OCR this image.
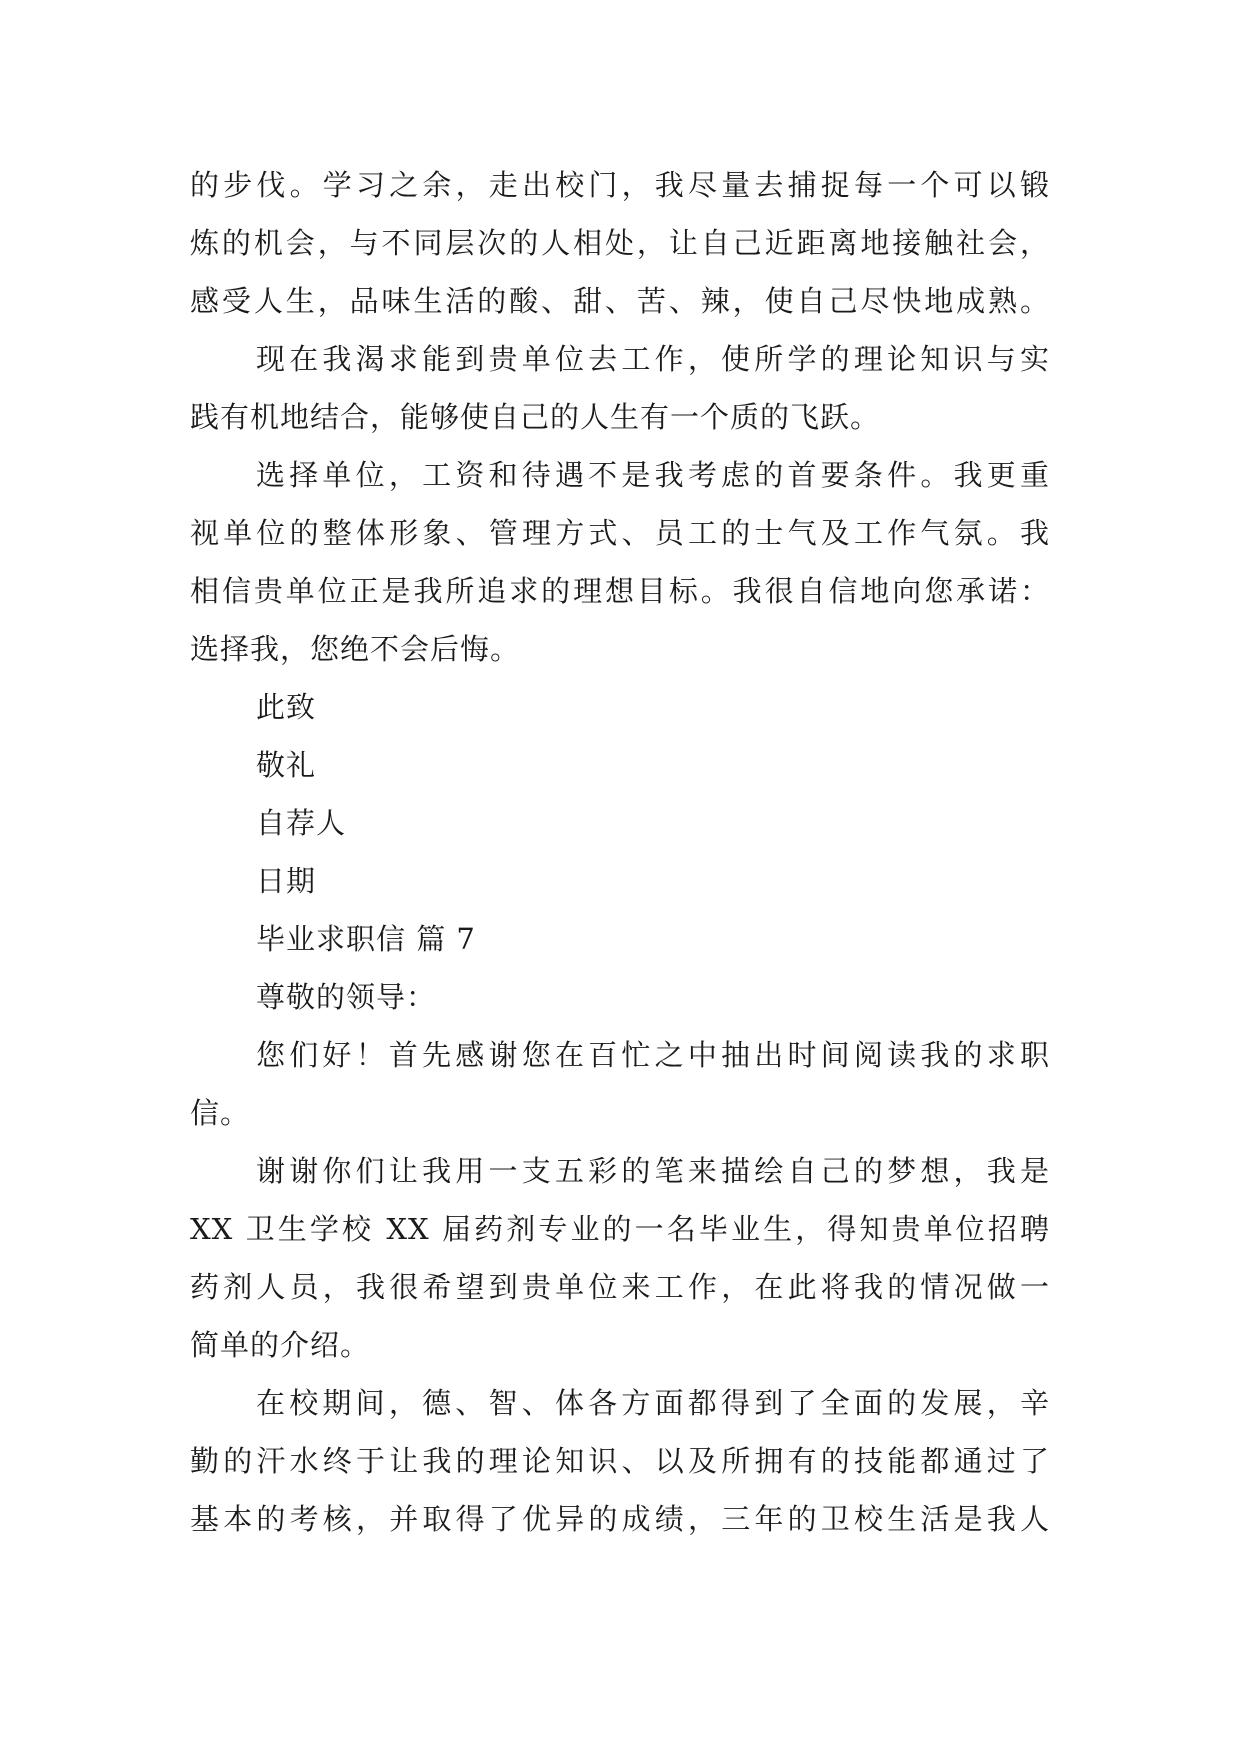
的步伐。学习之余，走出校门，我尽量去捕捉每一个可以锻
炼的机会，与不同层次的人相处，让自己近距离地接触社会，
感受人生，品味生活的酸、甜、苦、辣，使自己尽快地成熟。
现在我渴求能到贵单位去工作，使所学的理论知识与实
践有机地结合，能够使自己的人生有一个质的飞跃。
选择单位，工资和待遇不是我考虑的首要条件。我更重
视单位的整体形象、管理方式、员工的士气及工作气氛。我
相信贵单位正是我所追求的理想目标。我很自信地向您承诺：
选择我，您绝不会后悔。
此致
敬礼
自荐人
日期
毕业求职信 篇 7
尊敬的领导：
您们好！首先感谢您在百忙之中抽出时间阅读我的求职
信。
谢谢你们让我用一支五彩的笔来描绘自己的梦想，我是
XX 卫生学校 XX 届药剂专业的一名毕业生，得知贵单位招聘
药剂人员，我很希望到贵单位来工作，在此将我的情况做一
简单的介绍。
在校期间，德、智、体各方面都得到了全面的发展，辛
勤的汗水终于让我的理论知识、以及所拥有的技能都通过了
基本的考核，并取得了优异的成绩，三年的卫校生活是我人
